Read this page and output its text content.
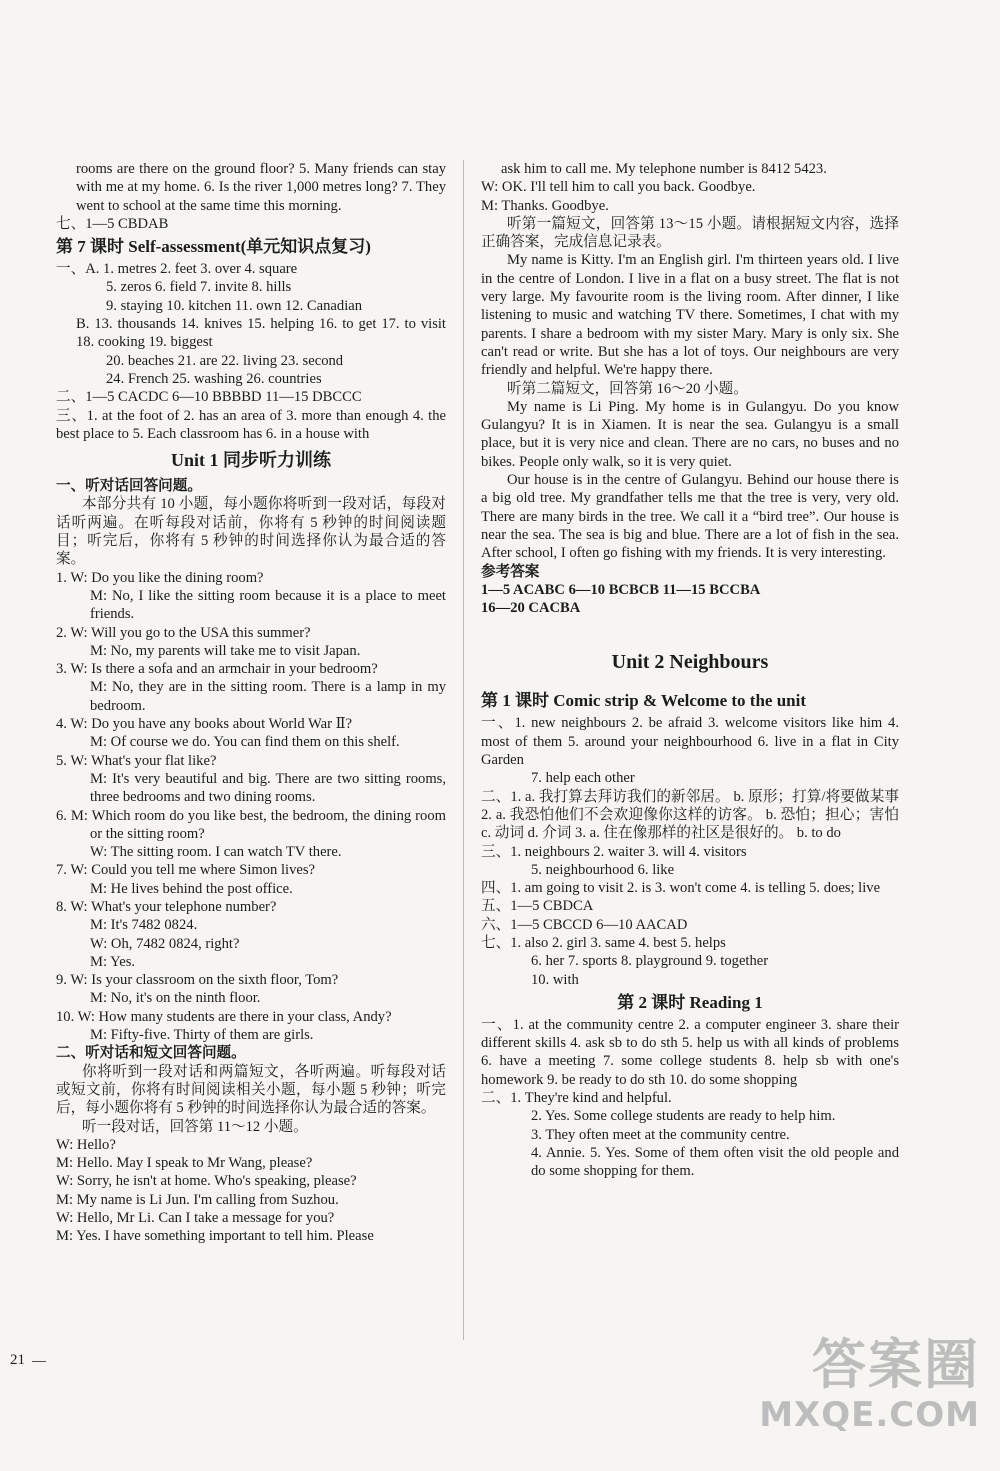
rooms are there on the ground floor? 5. Many friends can stay with me at my home. 6. Is the river 1,000 metres long? 7. They went to school at the same time this morning.
七、1—5 CBDAB
第 7 课时 Self-assessment(单元知识点复习)
一、A. 1. metres 2. feet 3. over 4. square
5. zeros 6. field 7. invite 8. hills
9. staying 10. kitchen 11. own 12. Canadian
B. 13. thousands 14. knives 15. helping 16. to get 17. to visit 18. cooking 19. biggest
20. beaches 21. are 22. living 23. second
24. French 25. washing 26. countries
二、1—5 CACDC 6—10 BBBBD 11—15 DBCCC
三、1. at the foot of 2. has an area of 3. more than enough 4. the best place to 5. Each classroom has 6. in a house with
Unit 1 同步听力训练
一、听对话回答问题。
本部分共有 10 小题，每小题你将听到一段对话，每段对话听两遍。在听每段对话前，你将有 5 秒钟的时间阅读题目；听完后，你将有 5 秒钟的时间选择你认为最合适的答案。
1. W: Do you like the dining room?
M: No, I like the sitting room because it is a place to meet friends.
2. W: Will you go to the USA this summer?
M: No, my parents will take me to visit Japan.
3. W: Is there a sofa and an armchair in your bedroom?
M: No, they are in the sitting room. There is a lamp in my bedroom.
4. W: Do you have any books about World War Ⅱ?
M: Of course we do. You can find them on this shelf.
5. W: What's your flat like?
M: It's very beautiful and big. There are two sitting rooms, three bedrooms and two dining rooms.
6. M: Which room do you like best, the bedroom, the dining room or the sitting room?
W: The sitting room. I can watch TV there.
7. W: Could you tell me where Simon lives?
M: He lives behind the post office.
8. W: What's your telephone number?
M: It's 7482 0824.
W: Oh, 7482 0824, right?
M: Yes.
9. W: Is your classroom on the sixth floor, Tom?
M: No, it's on the ninth floor.
10. W: How many students are there in your class, Andy?
M: Fifty-five. Thirty of them are girls.
二、听对话和短文回答问题。
你将听到一段对话和两篇短文，各听两遍。听每段对话或短文前，你将有时间阅读相关小题，每小题 5 秒钟；听完后，每小题你将有 5 秒钟的时间选择你认为最合适的答案。
听一段对话，回答第 11～12 小题。
W: Hello?
M: Hello. May I speak to Mr Wang, please?
W: Sorry, he isn't at home. Who's speaking, please?
M: My name is Li Jun. I'm calling from Suzhou.
W: Hello, Mr Li. Can I take a message for you?
M: Yes. I have something important to tell him. Please
ask him to call me. My telephone number is 8412 5423.
W: OK. I'll tell him to call you back. Goodbye.
M: Thanks. Goodbye.
听第一篇短文，回答第 13～15 小题。请根据短文内容，选择正确答案，完成信息记录表。
My name is Kitty. I'm an English girl. I'm thirteen years old. I live in the centre of London. I live in a flat on a busy street. The flat is not very large. My favourite room is the living room. After dinner, I like listening to music and watching TV there. Sometimes, I chat with my parents. I share a bedroom with my sister Mary. Mary is only six. She can't read or write. But she has a lot of toys. Our neighbours are very friendly and helpful. We're happy there.
听第二篇短文，回答第 16～20 小题。
My name is Li Ping. My home is in Gulangyu. Do you know Gulangyu? It is in Xiamen. It is near the sea. Gulangyu is a small place, but it is very nice and clean. There are no cars, no buses and no bikes. People only walk, so it is very quiet.
Our house is in the centre of Gulangyu. Behind our house there is a big old tree. My grandfather tells me that the tree is very, very old. There are many birds in the tree. We call it a “bird tree”. Our house is near the sea. The sea is big and blue. There are a lot of fish in the sea. After school, I often go fishing with my friends. It is very interesting.
参考答案
1—5 ACABC 6—10 BCBCB 11—15 BCCBA
16—20 CACBA
Unit 2 Neighbours
第 1 课时 Comic strip & Welcome to the unit
一、1. new neighbours 2. be afraid 3. welcome visitors like him 4. most of them 5. around your neighbourhood 6. live in a flat in City Garden
7. help each other
二、1. a. 我打算去拜访我们的新邻居。 b. 原形；打算/将要做某事 2. a. 我恐怕他们不会欢迎像你这样的访客。 b. 恐怕；担心；害怕 c. 动词 d. 介词 3. a. 住在像那样的社区是很好的。 b. to do
三、1. neighbours 2. waiter 3. will 4. visitors
5. neighbourhood 6. like
四、1. am going to visit 2. is 3. won't come 4. is telling 5. does; live
五、1—5 CBDCA
六、1—5 CBCCD 6—10 AACAD
七、1. also 2. girl 3. same 4. best 5. helps
6. her 7. sports 8. playground 9. together
10. with
第 2 课时 Reading 1
一、1. at the community centre 2. a computer engineer 3. share their different skills 4. ask sb to do sth 5. help us with all kinds of problems 6. have a meeting 7. some college students 8. help sb with one's homework 9. be ready to do sth 10. do some shopping
二、1. They're kind and helpful.
2. Yes. Some college students are ready to help him.
3. They often meet at the community centre.
4. Annie. 5. Yes. Some of them often visit the old people and do some shopping for them.
21	答案圈
MXQE.COM
